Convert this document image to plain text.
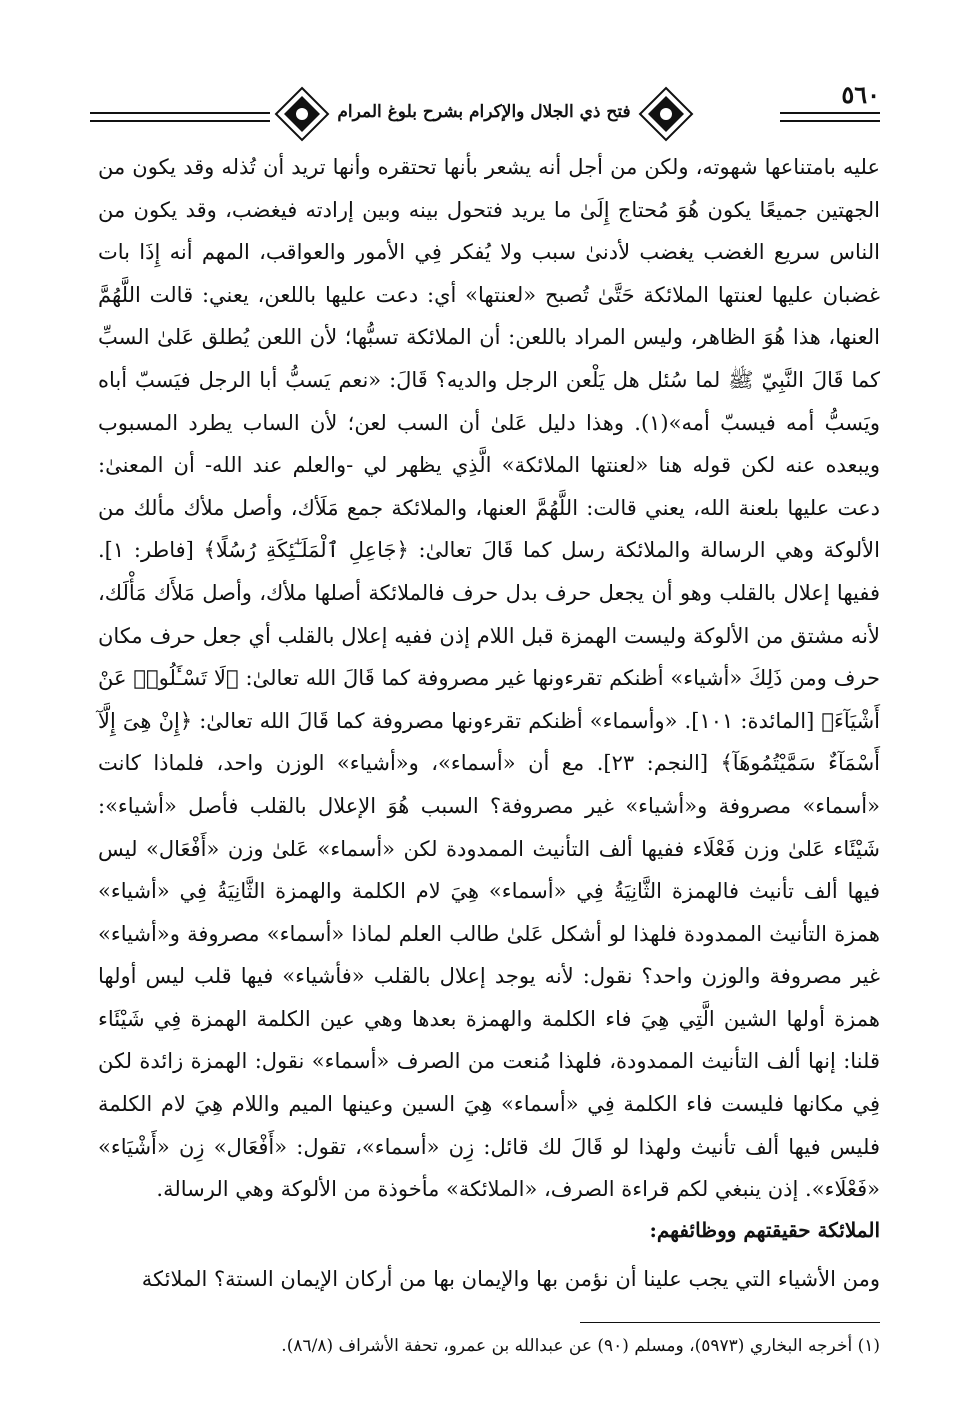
فتح ذي الجلال والإكرام بشرح بلوغ المرام
٥٦٠

عليه بامتناعها شهوته، ولكن من أجل أنه يشعر بأنها تحتقره وأنها تريد أن تُذله وقد يكون من الجهتين جميعًا يكون هُوَ مُحتاج إِلَىٰ ما يريد فتحول بينه وبين إرادته فيغضب، وقد يكون من الناس سريع الغضب يغضب لأدنىٰ سبب ولا يُفكر فِي الأمور والعواقب، المهم أنه إِذَا بات غضبان عليها لعنتها الملائكة حَتَّىٰ تُصبح «لعنتها» أي: دعت عليها باللعن، يعني: قالت اللَّهُمَّ العنها، هذا هُوَ الظاهر، وليس المراد باللعن: أن الملائكة تسبُّها؛ لأن اللعن يُطلق عَلىٰ السبِّ كما قَالَ النَّبِيّ ﷺ لما سُئل هل يَلْعن الرجل والديه؟ قَالَ: «نعم يَسبُّ أبا الرجل فيَسبّ أباه ويَسبُّ أمه فيسبّ أمه»(١). وهذا دليل عَلىٰ أن السب لعن؛ لأن الساب يطرد المسبوب ويبعده عنه لكن قوله هنا «لعنتها الملائكة» الَّذِي يظهر لي -والعلم عند الله- أن المعنىٰ: دعت عليها بلعنة الله، يعني قالت: اللَّهُمَّ العنها، والملائكة جمع مَلَأك، وأصل ملأك مألك من الألوكة وهي الرسالة والملائكة رسل كما قَالَ تعالىٰ: ﴿جَاعِلِ ٱلْمَلَـٰٓئِكَةِ رُسُلًا﴾ [فاطر: ١]. ففيها إعلال بالقلب وهو أن يجعل حرف بدل حرف فالملائكة أصلها ملأك، وأصل مَلأَك مَأْلَك، لأنه مشتق من الألوكة وليست الهمزة قبل اللام إذن ففيه إعلال بالقلب أي جعل حرف مكان حرف ومن ذَلِكَ «أشياء» أظنكم تقرءونها غير مصروفة كما قَالَ الله تعالىٰ: ﴿لَا تَسْـَٔلُوا۟ عَنْ أَشْيَآءَ﴾ [المائدة: ١٠١]. «وأسماء» أظنكم تقرءونها مصروفة كما قَالَ الله تعالىٰ: ﴿إِنْ هِىَ إِلَّآ أَسْمَآءٌ سَمَّيْتُمُوهَآ﴾ [النجم: ٢٣]. مع أن «أسماء»، و«أشياء» الوزن واحد، فلماذا كانت «أسماء» مصروفة و«أشياء» غير مصروفة؟ السبب هُوَ الإعلال بالقلب فأصل «أشياء»: شَيْئَاء عَلىٰ وزن فَعْلَاء ففيها ألف التأنيث الممدودة لكن «أسماء» عَلىٰ وزن «أَفْعَال» ليس فيها ألف تأنيث فالهمزة الثَّانِيَةُ فِي «أسماء» هِيَ لام الكلمة والهمزة الثَّانِيَةُ فِي «أشياء» همزة التأنيث الممدودة فلهذا لو أشكل عَلىٰ طالب العلم لماذا «أسماء» مصروفة و«أشياء» غير مصروفة والوزن واحد؟ نقول: لأنه يوجد إعلال بالقلب «فأشياء» فيها قلب ليس أولها همزة أولها الشين الَّتِي هِيَ فاء الكلمة والهمزة بعدها وهي عين الكلمة الهمزة فِي شَيْئَاء قلنا: إنها ألف التأنيث الممدودة، فلهذا مُنعت من الصرف «أسماء» نقول: الهمزة زائدة لكن فِي مكانها فليست فاء الكلمة فِي «أسماء» هِيَ السين وعينها الميم واللام هِيَ لام الكلمة فليس فيها ألف تأنيث ولهذا لو قَالَ لك قائل: زِن «أسماء»، تقول: «أَفْعَال» زِن «أَشْيَاء» «فَعْلَاء». إذن ينبغي لكم قراءة الصرف، «الملائكة» مأخوذة من الألوكة وهي الرسالة.

الملائكة حقيقتهم ووظائفهم:
ومن الأشياء التي يجب علينا أن نؤمن بها والإيمان بها من أركان الإيمان الستة؟ الملائكة
(١) أخرجه البخاري (٥٩٧٣)، ومسلم (٩٠) عن عبدالله بن عمرو، تحفة الأشراف (٨٦/٨).
